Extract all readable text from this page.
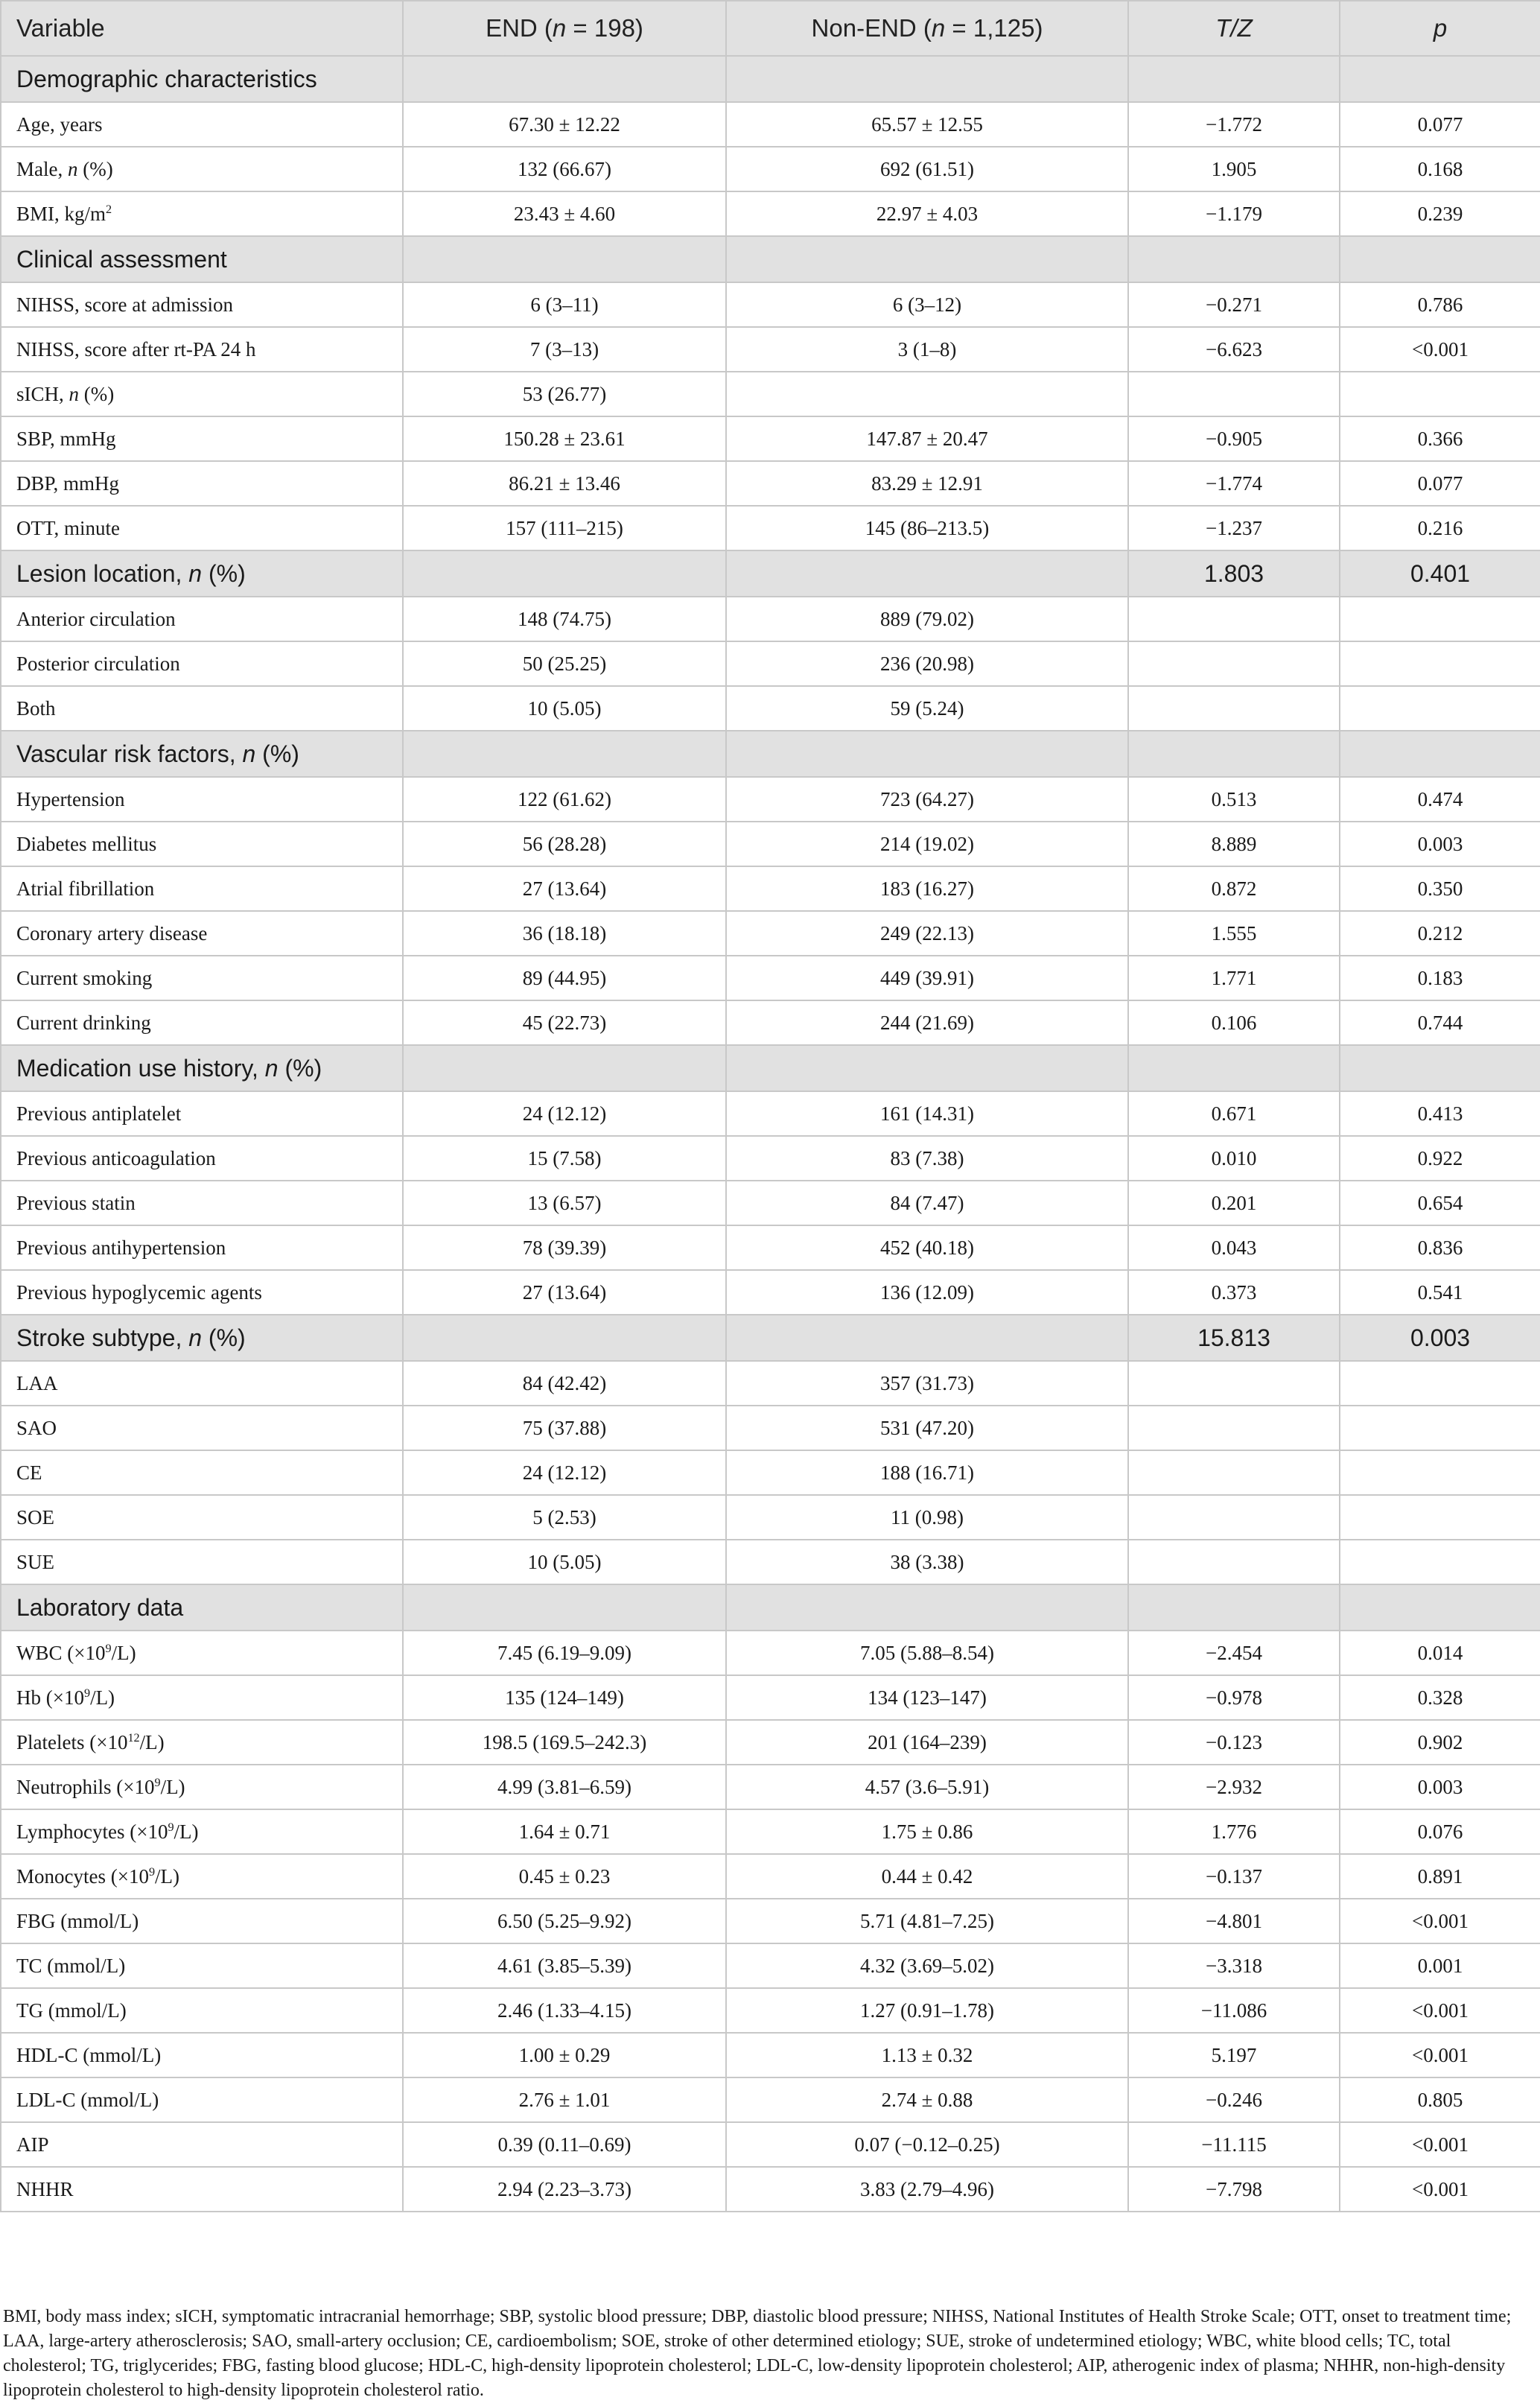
Variable	END (n = 198)	Non-END (n = 1,125)	T/Z	p
Demographic characteristics				
Age, years	67.30 ± 12.22	65.57 ± 12.55	−1.772	0.077
Male, n (%)	132 (66.67)	692 (61.51)	1.905	0.168
BMI, $kg/m^2$	23.43 ± 4.60	22.97 ± 4.03	−1.179	0.239
Clinical assessment				
NIHSS, score at admission	6 (3–11)	6 (3–12)	−0.271	0.786
NIHSS, score after rt-PA 24 h	7 (3–13)	3 (1–8)	−6.623	<0.001
sICH, n (%)	53 (26.77)			
SBP, mmHg	150.28 ± 23.61	147.87 ± 20.47	−0.905	0.366
DBP, mmHg	86.21 ± 13.46	83.29 ± 12.91	−1.774	0.077
OTT, minute	157 (111–215)	145 (86–213.5)	−1.237	0.216
Lesion location, n (%)			1.803	0.401
Anterior circulation	148 (74.75)	889 (79.02)		
Posterior circulation	50 (25.25)	236 (20.98)		
Both	10 (5.05)	59 (5.24)		
Vascular risk factors, n (%)				
Hypertension	122 (61.62)	723 (64.27)	0.513	0.474
Diabetes mellitus	56 (28.28)	214 (19.02)	8.889	0.003
Atrial fibrillation	27 (13.64)	183 (16.27)	0.872	0.350
Coronary artery disease	36 (18.18)	249 (22.13)	1.555	0.212
Current smoking	89 (44.95)	449 (39.91)	1.771	0.183
Current drinking	45 (22.73)	244 (21.69)	0.106	0.744
Medication use history, n (%)				
Previous antiplatelet	24 (12.12)	161 (14.31)	0.671	0.413
Previous anticoagulation	15 (7.58)	83 (7.38)	0.010	0.922
Previous statin	13 (6.57)	84 (7.47)	0.201	0.654
Previous antihypertension	78 (39.39)	452 (40.18)	0.043	0.836
Previous hypoglycemic agents	27 (13.64)	136 (12.09)	0.373	0.541
Stroke subtype, n (%)			15.813	0.003
LAA	84 (42.42)	357 (31.73)		
SAO	75 (37.88)	531 (47.20)		
CE	24 (12.12)	188 (16.71)		
SOE	5 (2.53)	11 (0.98)		
SUE	10 (5.05)	38 (3.38)		
Laboratory data				
WBC $(\times 10^9/L)$	7.45 (6.19–9.09)	7.05 (5.88–8.54)	−2.454	0.014
Hb $(\times 10^9/L)$	135 (124–149)	134 (123–147)	−0.978	0.328
Platelets $(\times 10^{12}/L)$	198.5 (169.5–242.3)	201 (164–239)	−0.123	0.902
Neutrophils $(\times 10^9/L)$	4.99 (3.81–6.59)	4.57 (3.6–5.91)	−2.932	0.003
Lymphocytes $(\times 10^9/L)$	1.64 ± 0.71	1.75 ± 0.86	1.776	0.076
Monocytes $(\times 10^9/L)$	0.45 ± 0.23	0.44 ± 0.42	−0.137	0.891
FBG (mmol/L)	6.50 (5.25–9.92)	5.71 (4.81–7.25)	−4.801	<0.001
TC (mmol/L)	4.61 (3.85–5.39)	4.32 (3.69–5.02)	−3.318	0.001
TG (mmol/L)	2.46 (1.33–4.15)	1.27 (0.91–1.78)	−11.086	<0.001
HDL-C (mmol/L)	1.00 ± 0.29	1.13 ± 0.32	5.197	<0.001
LDL-C (mmol/L)	2.76 ± 1.01	2.74 ± 0.88	−0.246	0.805
AIP	0.39 (0.11–0.69)	0.07 (−0.12–0.25)	−11.115	<0.001
NHHR	2.94 (2.23–3.73)	3.83 (2.79–4.96)	−7.798	<0.001
BMI, body mass index; sICH, symptomatic intracranial hemorrhage; SBP, systolic blood pressure; DBP, diastolic blood pressure; NIHSS, National Institutes of Health Stroke Scale; OTT, onset to treatment time; LAA, large-artery atherosclerosis; SAO, small-artery occlusion; CE, cardioembolism; SOE, stroke of other determined etiology; SUE, stroke of undetermined etiology; WBC, white blood cells; TC, total cholesterol; TG, triglycerides; FBG, fasting blood glucose; HDL-C, high-density lipoprotein cholesterol; LDL-C, low-density lipoprotein cholesterol; AIP, atherogenic index of plasma; NHHR, non-high-density lipoprotein cholesterol to high-density lipoprotein cholesterol ratio.
